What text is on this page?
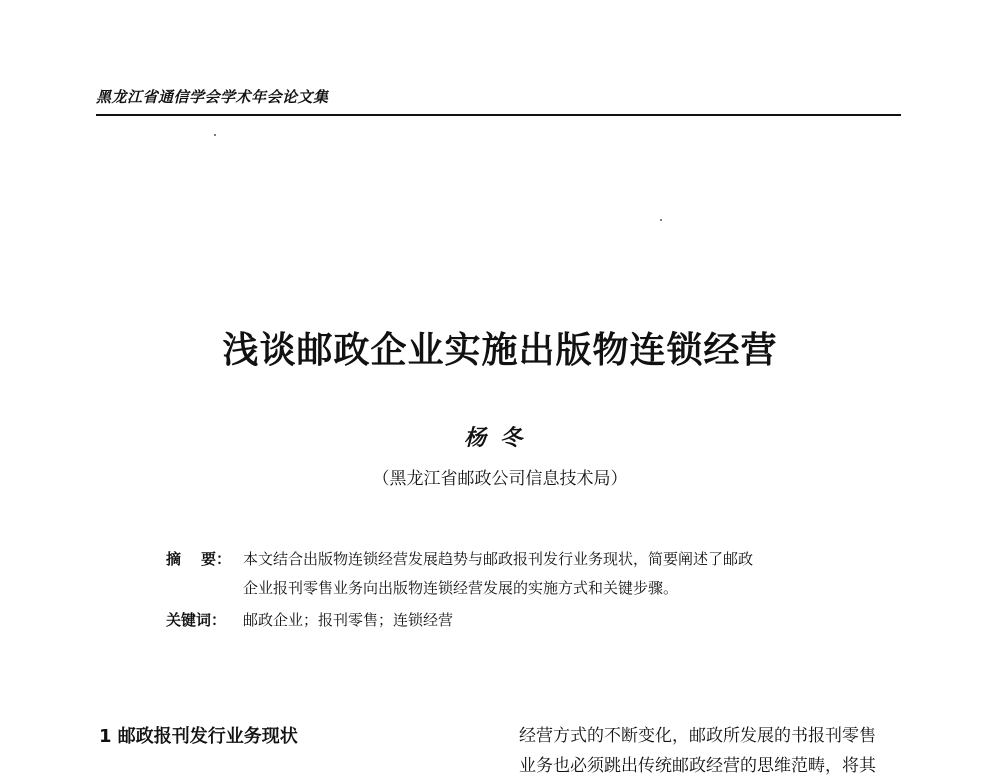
黑龙江省通信学会学术年会论文集
浅谈邮政企业实施出版物连锁经营
杨冬
（黑龙江省邮政公司信息技术局）
摘 要： 本文结合出版物连锁经营发展趋势与邮政报刊发行业务现状，简要阐述了邮政
企业报刊零售业务向出版物连锁经营发展的实施方式和关键步骤。
关键词： 邮政企业；报刊零售；连锁经营
1 邮政报刊发行业务现状	经营方式的不断变化，邮政所发展的书报刊零售
业务也必须跳出传统邮政经营的思维范畴，将其
